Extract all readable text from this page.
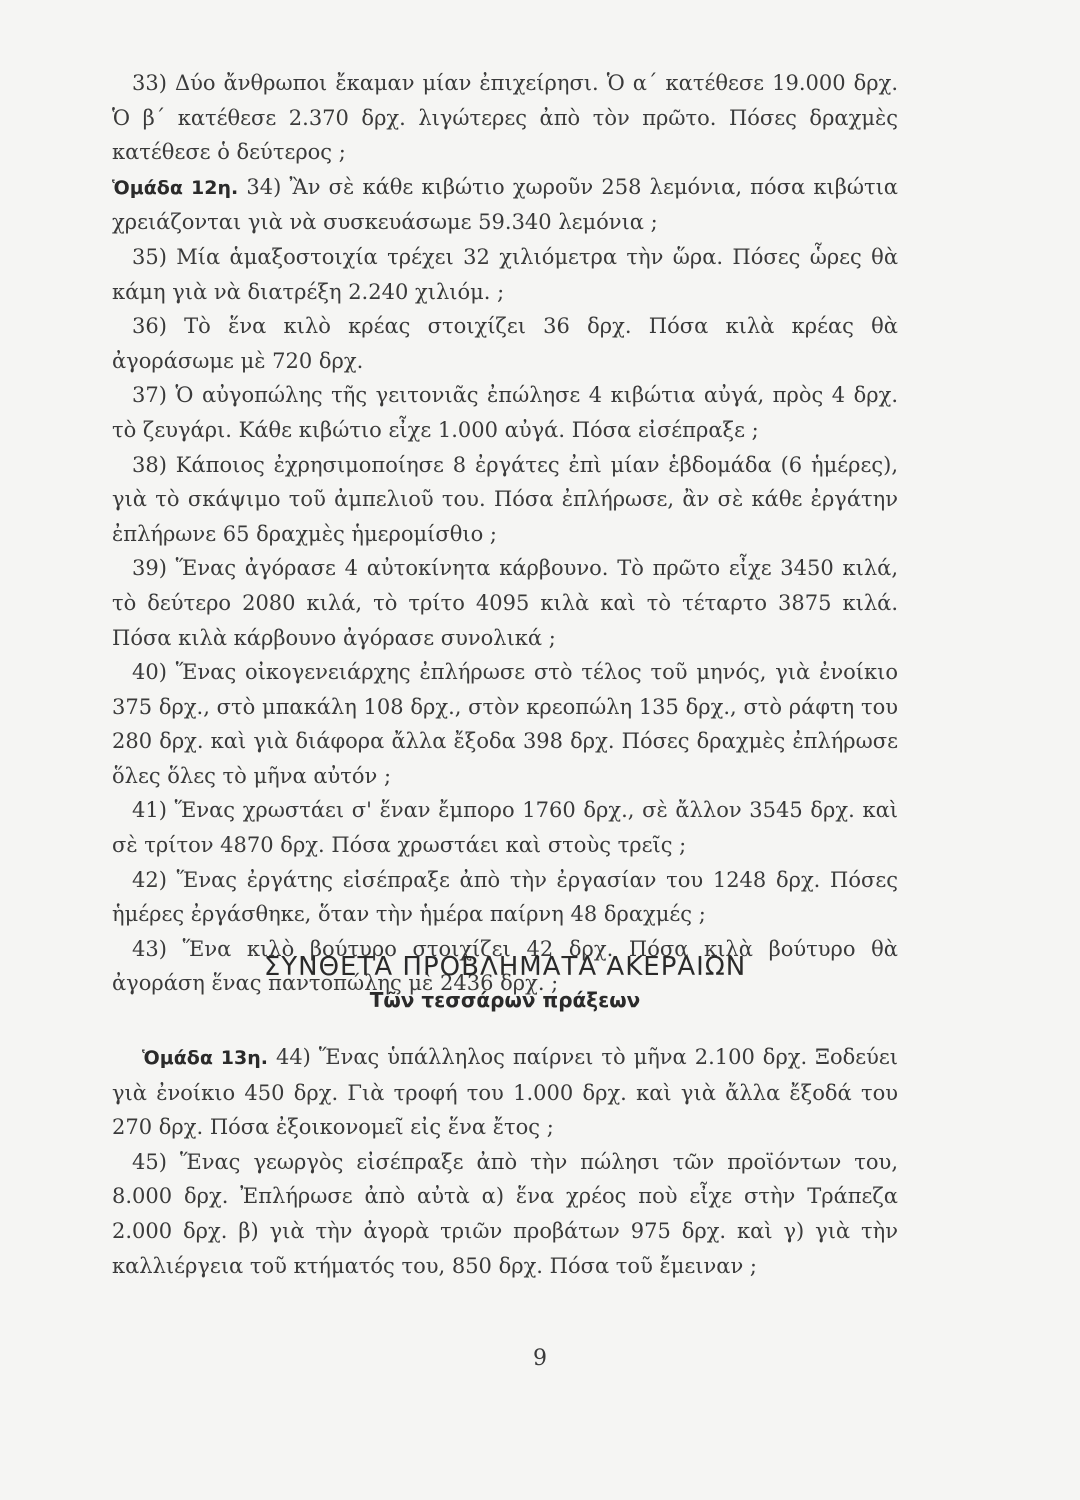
33) Δύο ἄνθρωποι ἔκαμαν μίαν ἐπιχείρησι. Ὁ α΄ κατέθεσε 19.000 δρχ. Ὁ β΄ κατέθεσε 2.370 δρχ. λιγώτερες ἀπὸ τὸν πρῶτο. Πόσες δραχμὲς κατέθεσε ὁ δεύτερος ;

Ὁμάδα 12η. 34) Ἂν σὲ κάθε κιβώτιο χωροῦν 258 λεμόνια, πόσα κιβώτια χρειάζονται γιὰ νὰ συσκευάσωμε 59.340 λεμόνια ;

35) Μία ἁμαξοστοιχία τρέχει 32 χιλιόμετρα τὴν ὥρα. Πόσες ὧρες θὰ κάμη γιὰ νὰ διατρέξη 2.240 χιλιόμ. ;

36) Τὸ ἕνα κιλὸ κρέας στοιχίζει 36 δρχ. Πόσα κιλὰ κρέας θὰ ἀγοράσωμε μὲ 720 δρχ.

37) Ὁ αὐγοπώλης τῆς γειτονιᾶς ἐπώλησε 4 κιβώτια αὐγά, πρὸς 4 δρχ. τὸ ζευγάρι. Κάθε κιβώτιο εἶχε 1.000 αὐγά. Πόσα εἰσέπραξε ;

38) Κάποιος ἐχρησιμοποίησε 8 ἐργάτες ἐπὶ μίαν ἑβδομάδα (6 ἡμέρες), γιὰ τὸ σκάψιμο τοῦ ἀμπελιοῦ του. Πόσα ἐπλήρωσε, ἂν σὲ κάθε ἐργάτην ἐπλήρωνε 65 δραχμὲς ἡμερομίσθιο ;

39) Ἕνας ἀγόρασε 4 αὐτοκίνητα κάρβουνο. Τὸ πρῶτο εἶχε 3450 κιλά, τὸ δεύτερο 2080 κιλά, τὸ τρίτο 4095 κιλὰ καὶ τὸ τέταρτο 3875 κιλά. Πόσα κιλὰ κάρβουνο ἀγόρασε συνολικά ;

40) Ἕνας οἰκογενειάρχης ἐπλήρωσε στὸ τέλος τοῦ μηνός, γιὰ ἐνοίκιο 375 δρχ., στὸ μπακάλη 108 δρχ., στὸν κρεοπώλη 135 δρχ., στὸ ράφτη του 280 δρχ. καὶ γιὰ διάφορα ἄλλα ἔξοδα 398 δρχ. Πόσες δραχμὲς ἐπλήρωσε ὅλες ὅλες τὸ μῆνα αὐτόν ;

41) Ἕνας χρωστάει σ' ἕναν ἔμπορο 1760 δρχ., σὲ ἄλλον 3545 δρχ. καὶ σὲ τρίτον 4870 δρχ. Πόσα χρωστάει καὶ στοὺς τρεῖς ;

42) Ἕνας ἐργάτης εἰσέπραξε ἀπὸ τὴν ἐργασίαν του 1248 δρχ. Πόσες ἡμέρες ἐργάσθηκε, ὅταν τὴν ἡμέρα παίρνη 48 δραχμές ;

43) Ἕνα κιλὸ βούτυρο στοιχίζει 42 δρχ. Πόσα κιλὰ βούτυρο θὰ ἀγοράση ἕνας παντοπώλης μὲ 2436 δρχ. ;

ΣΥΝΘΕΤΑ ΠΡΟΒΛΗΜΑΤΑ ΑΚΕΡΑΙΩΝ
Τῶν τεσσάρων πράξεων

Ὁμάδα 13η. 44) Ἕνας ὑπάλληλος παίρνει τὸ μῆνα 2.100 δρχ. Ξοδεύει γιὰ ἐνοίκιο 450 δρχ. Γιὰ τροφή του 1.000 δρχ. καὶ γιὰ ἄλλα ἔξοδά του 270 δρχ. Πόσα ἐξοικονομεῖ εἰς ἕνα ἔτος ;

45) Ἕνας γεωργὸς εἰσέπραξε ἀπὸ τὴν πώλησι τῶν προϊόντων του, 8.000 δρχ. Ἐπλήρωσε ἀπὸ αὐτὰ α) ἕνα χρέος ποὺ εἶχε στὴν Τράπεζα 2.000 δρχ. β) γιὰ τὴν ἀγορὰ τριῶν προβάτων 975 δρχ. καὶ γ) γιὰ τὴν καλλιέργεια τοῦ κτήματός του, 850 δρχ. Πόσα τοῦ ἔμειναν ;

9
